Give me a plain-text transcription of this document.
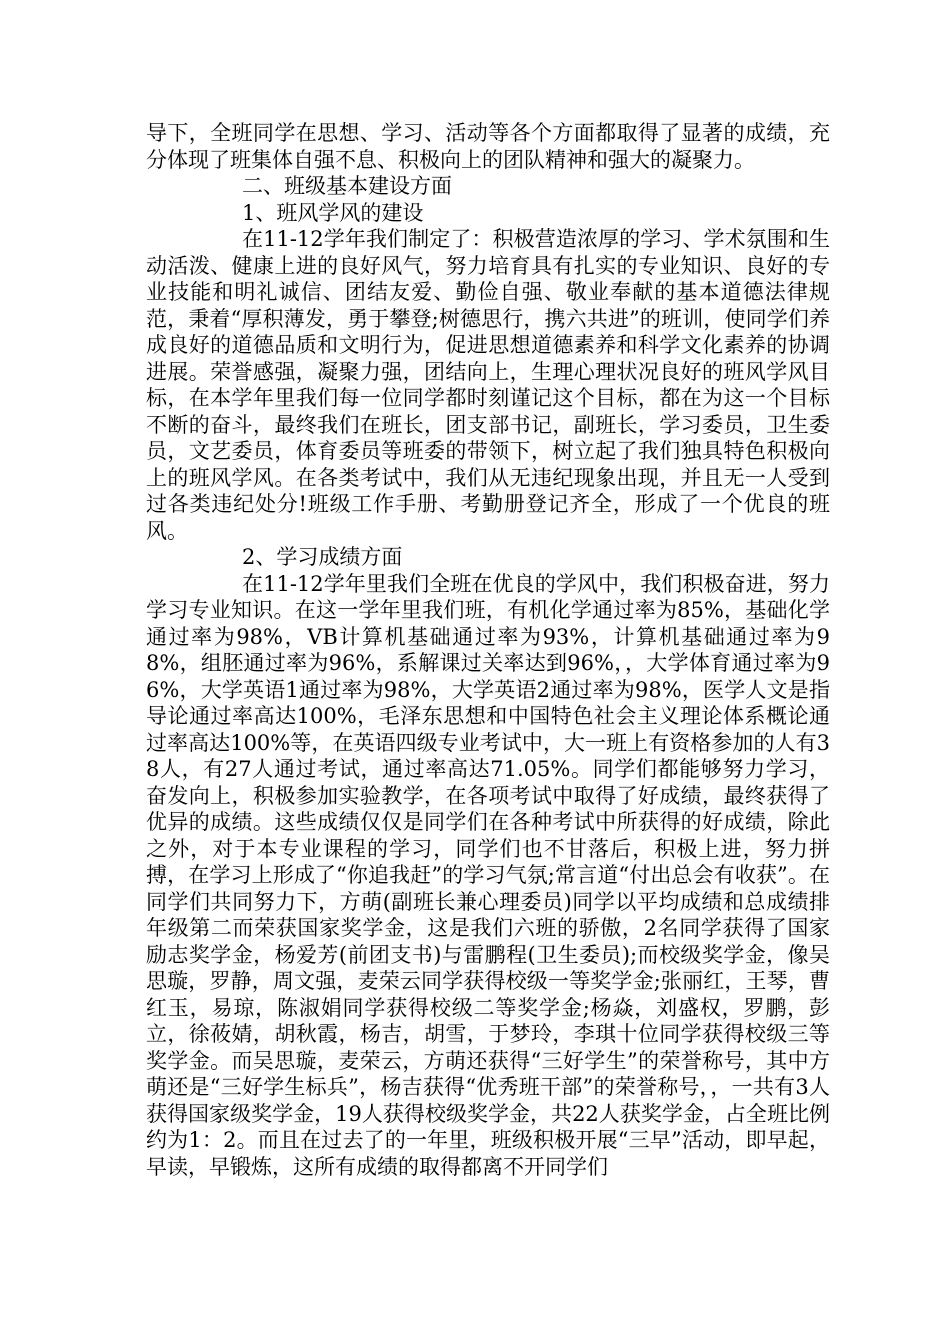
导下，全班同学在思想、学习、活动等各个方面都取得了显著的成绩，充分体现了班集体自强不息、积极向上的团队精神和强大的凝聚力。

二、班级基本建设方面

1、班风学风的建设

在11-12学年我们制定了：积极营造浓厚的学习、学术氛围和生动活泼、健康上进的良好风气，努力培育具有扎实的专业知识、良好的专业技能和明礼诚信、团结友爱、勤俭自强、敬业奉献的基本道德法律规范，秉着“厚积薄发，勇于攀登;树德思行，携六共进”的班训，使同学们养成良好的道德品质和文明行为，促进思想道德素养和科学文化素养的协调进展。荣誉感强，凝聚力强，团结向上，生理心理状况良好的班风学风目标，在本学年里我们每一位同学都时刻谨记这个目标，都在为这一个目标不断的奋斗，最终我们在班长，团支部书记，副班长，学习委员，卫生委员，文艺委员，体育委员等班委的带领下，树立起了我们独具特色积极向上的班风学风。在各类考试中，我们从无违纪现象出现，并且无一人受到过各类违纪处分!班级工作手册、考勤册登记齐全，形成了一个优良的班风。

2、学习成绩方面

在11-12学年里我们全班在优良的学风中，我们积极奋进，努力学习专业知识。在这一学年里我们班，有机化学通过率为85%，基础化学通过率为98%，VB计算机基础通过率为93%，计算机基础通过率为98%，组胚通过率为96%，系解课过关率达到96%，，大学体育通过率为96%，大学英语1通过率为98%，大学英语2通过率为98%，医学人文是指导论通过率高达100%，毛泽东思想和中国特色社会主义理论体系概论通过率高达100%等，在英语四级专业考试中，大一班上有资格参加的人有38人，有27人通过考试，通过率高达71.05%。同学们都能够努力学习，奋发向上，积极参加实验教学，在各项考试中取得了好成绩，最终获得了优异的成绩。这些成绩仅仅是同学们在各种考试中所获得的好成绩，除此之外，对于本专业课程的学习，同学们也不甘落后，积极上进，努力拼搏，在学习上形成了“你追我赶”的学习气氛;常言道“付出总会有收获”。在同学们共同努力下，方萌(副班长兼心理委员)同学以平均成绩和总成绩排年级第二而荣获国家奖学金，这是我们六班的骄傲，2名同学获得了国家励志奖学金，杨爱芳(前团支书)与雷鹏程(卫生委员);而校级奖学金，像吴思璇，罗静，周文强，麦荣云同学获得校级一等奖学金;张丽红，王琴，曹红玉，易琼，陈淑娟同学获得校级二等奖学金;杨焱，刘盛权，罗鹏，彭立，徐莜婧，胡秋霞，杨吉，胡雪，于梦玲，李琪十位同学获得校级三等奖学金。而吴思璇，麦荣云，方萌还获得“三好学生”的荣誉称号，其中方萌还是“三好学生标兵”，杨吉获得“优秀班干部”的荣誉称号，，一共有3人获得国家级奖学金，19人获得校级奖学金，共22人获奖学金，占全班比例约为1：2。而且在过去了的一年里，班级积极开展“三早”活动，即早起，早读，早锻炼，这所有成绩的取得都离不开同学们
